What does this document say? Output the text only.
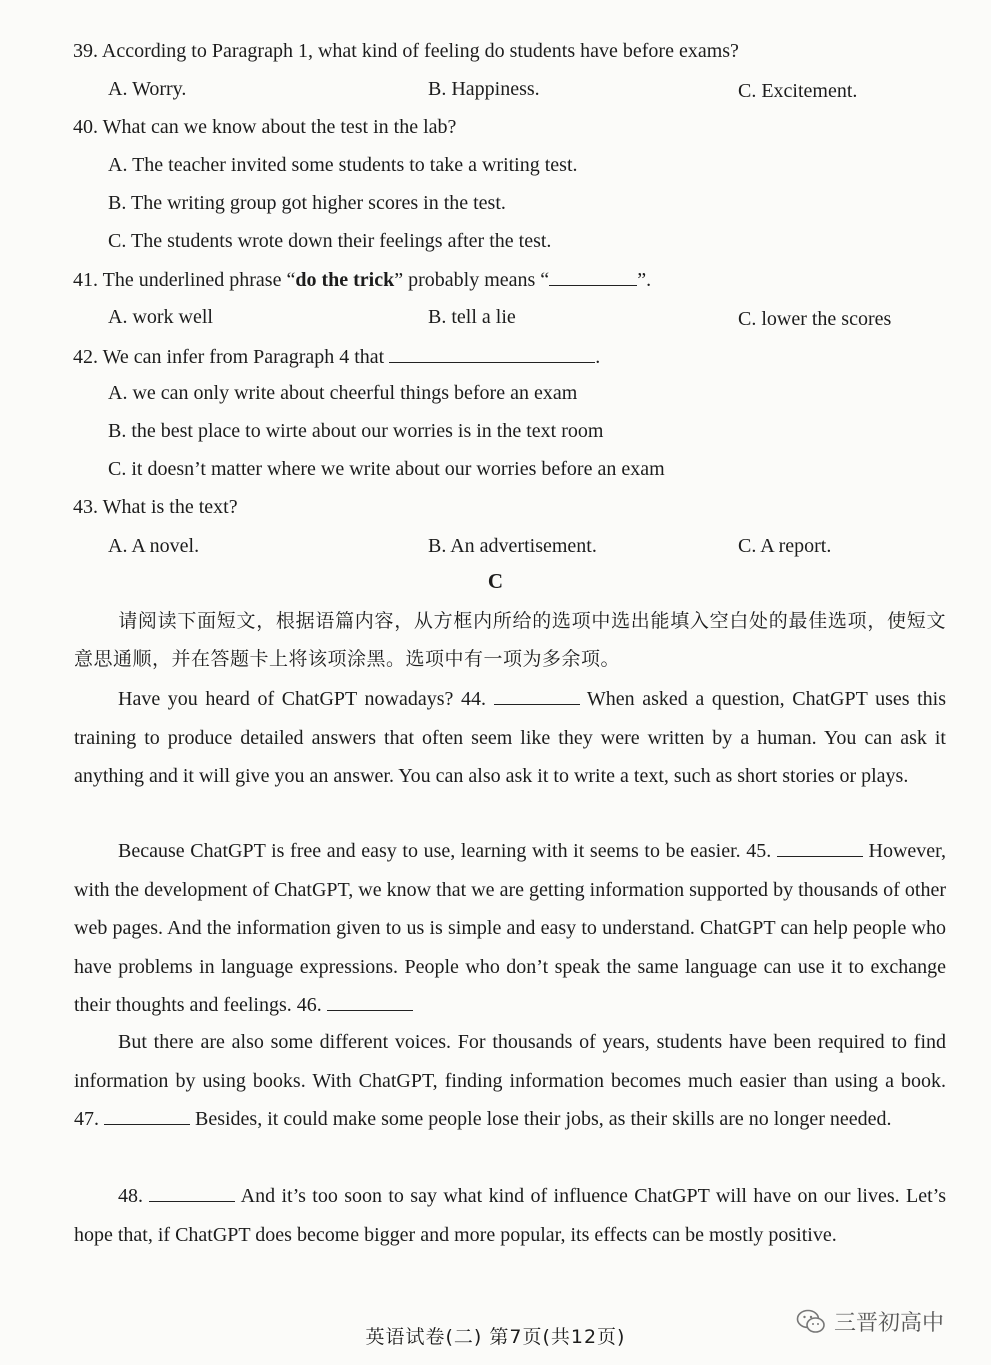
39. According to Paragraph 1, what kind of feeling do students have before exams?
A. Worry.	B. Happiness.	C. Excitement.
40. What can we know about the test in the lab?
A. The teacher invited some students to take a writing test.
B. The writing group got higher scores in the test.
C. The students wrote down their feelings after the test.
41. The underlined phrase “do the trick” probably means “	”.
A. work well	B. tell a lie	C. lower the scores
42. We can infer from Paragraph 4 that	.
A. we can only write about cheerful things before an exam
B. the best place to wirte about our worries is in the text room
C. it doesn’t matter where we write about our worries before an exam
43. What is the text?
A. A novel.	B. An advertisement.	C. A report.
C
请阅读下面短文，根据语篇内容，从方框内所给的选项中选出能填入空白处的最佳选项，使短文意思通顺，并在答题卡上将该项涂黑。选项中有一项为多余项。
Have you heard of ChatGPT nowadays? 44.	When asked a question, ChatGPT uses this training to produce detailed answers that often seem like they were written by a human. You can ask it anything and it will give you an answer. You can also ask it to write a text, such as short stories or plays.
Because ChatGPT is free and easy to use, learning with it seems to be easier. 45.	However, with the development of ChatGPT, we know that we are getting information supported by thousands of other web pages. And the information given to us is simple and easy to understand. ChatGPT can help people who have problems in language expressions. People who don’t speak the same language can use it to exchange their thoughts and feelings. 46.
But there are also some different voices. For thousands of years, students have been required to find information by using books. With ChatGPT, finding information becomes much easier than using a book. 47.	Besides, it could make some people lose their jobs, as their skills are no longer needed.
48.	And it’s too soon to say what kind of influence ChatGPT will have on our lives. Let’s hope that, if ChatGPT does become bigger and more popular, its effects can be mostly positive.
英语试卷(二) 第7页(共12页)
三晋初高中
